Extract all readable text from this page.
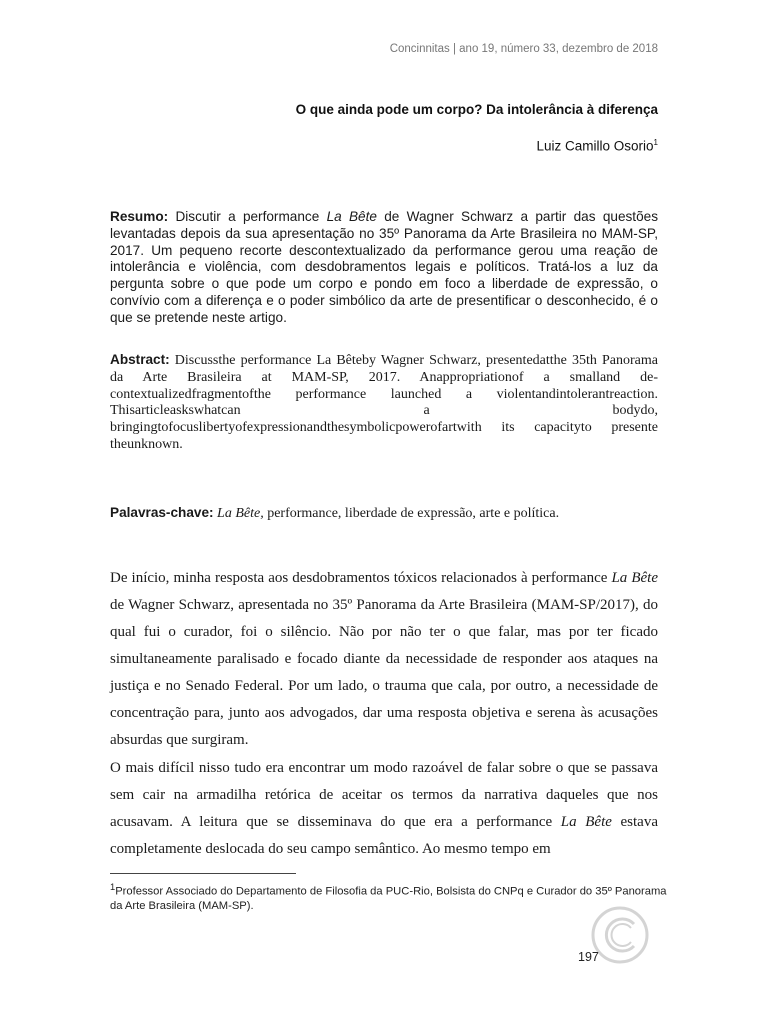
Concinnitas | ano 19, número 33, dezembro de 2018
O que ainda pode um corpo? Da intolerância à diferença
Luiz Camillo Osorio$^1$
Resumo: Discutir a performance La Bête de Wagner Schwarz a partir das questões levantadas depois da sua apresentação no 35º Panorama da Arte Brasileira no MAM-SP, 2017. Um pequeno recorte descontextualizado da performance gerou uma reação de intolerância e violência, com desdobramentos legais e políticos. Tratá-los a luz da pergunta sobre o que pode um corpo e pondo em foco a liberdade de expressão, o convívio com a diferença e o poder simbólico da arte de presentificar o desconhecido, é o que se pretende neste artigo.
Abstract: Discussthe performance La Bêteby Wagner Schwarz, presentedatthe 35th Panorama da Arte Brasileira at MAM-SP, 2017. Anappropriationof a smalland de-contextualizedfragmentofthe performance launched a violentandintolerantreaction. Thisarticleaskswhatcan a bodydo, bringingtofocuslibertyofexpressionandthesymbolicpowerofartwith its capacityto presente theunknown.
Palavras-chave: La Bête, performance, liberdade de expressão, arte e política.
De início, minha resposta aos desdobramentos tóxicos relacionados à performance La Bête de Wagner Schwarz, apresentada no 35º Panorama da Arte Brasileira (MAM-SP/2017), do qual fui o curador, foi o silêncio. Não por não ter o que falar, mas por ter ficado simultaneamente paralisado e focado diante da necessidade de responder aos ataques na justiça e no Senado Federal. Por um lado, o trauma que cala, por outro, a necessidade de concentração para, junto aos advogados, dar uma resposta objetiva e serena às acusações absurdas que surgiram.
O mais difícil nisso tudo era encontrar um modo razoável de falar sobre o que se passava sem cair na armadilha retórica de aceitar os termos da narrativa daqueles que nos acusavam. A leitura que se disseminava do que era a performance La Bête estava completamente deslocada do seu campo semântico. Ao mesmo tempo em
$^1$Professor Associado do Departamento de Filosofia da PUC-Rio, Bolsista do CNPq e Curador do 35º Panorama da Arte Brasileira (MAM-SP).
197
